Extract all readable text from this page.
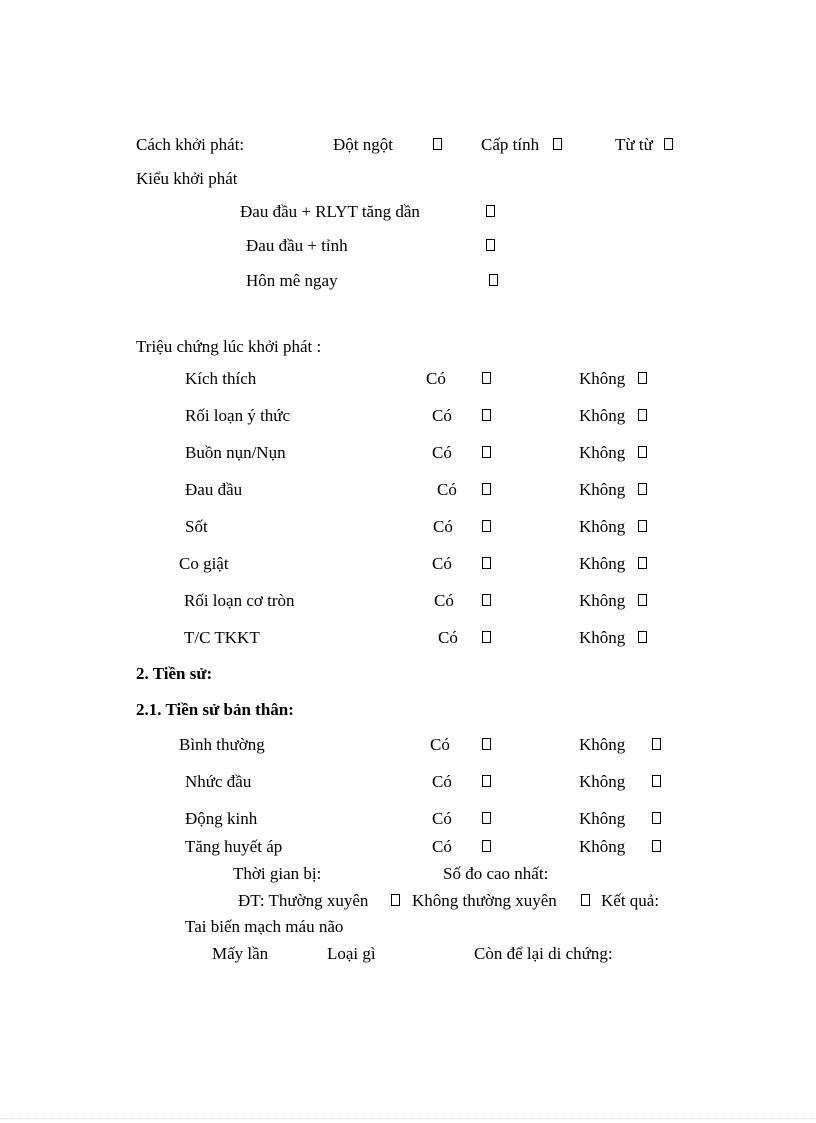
Cách khởi phát:	Đột ngột	Cấp tính	Từ từ
Kiểu khởi phát
Đau đầu + RLYT tăng dần
Đau đầu + tỉnh
Hôn mê ngay
Triệu chứng lúc khởi phát :
Kích thích	Có	Không
Rối loạn ý thức	Có	Không
Buồn nụn/Nụn	Có	Không
Đau đầu	Có	Không
Sốt	Có	Không
Co giật	Có	Không
Rối loạn cơ tròn	Có	Không
T/C TKKT	Có	Không
2. Tiền sử:
2.1. Tiền sử bản thân:
Bình thường	Có	Không
Nhức đầu	Có	Không
Động kinh	Có	Không
Tăng huyết áp	Có	Không
Thời gian bị:	Số đo cao nhất:
ĐT: Thường xuyên	Không thường xuyên	Kết quả:
Tai biến mạch máu não
Mấy lần	Loại gì	Còn để lại di chứng:
